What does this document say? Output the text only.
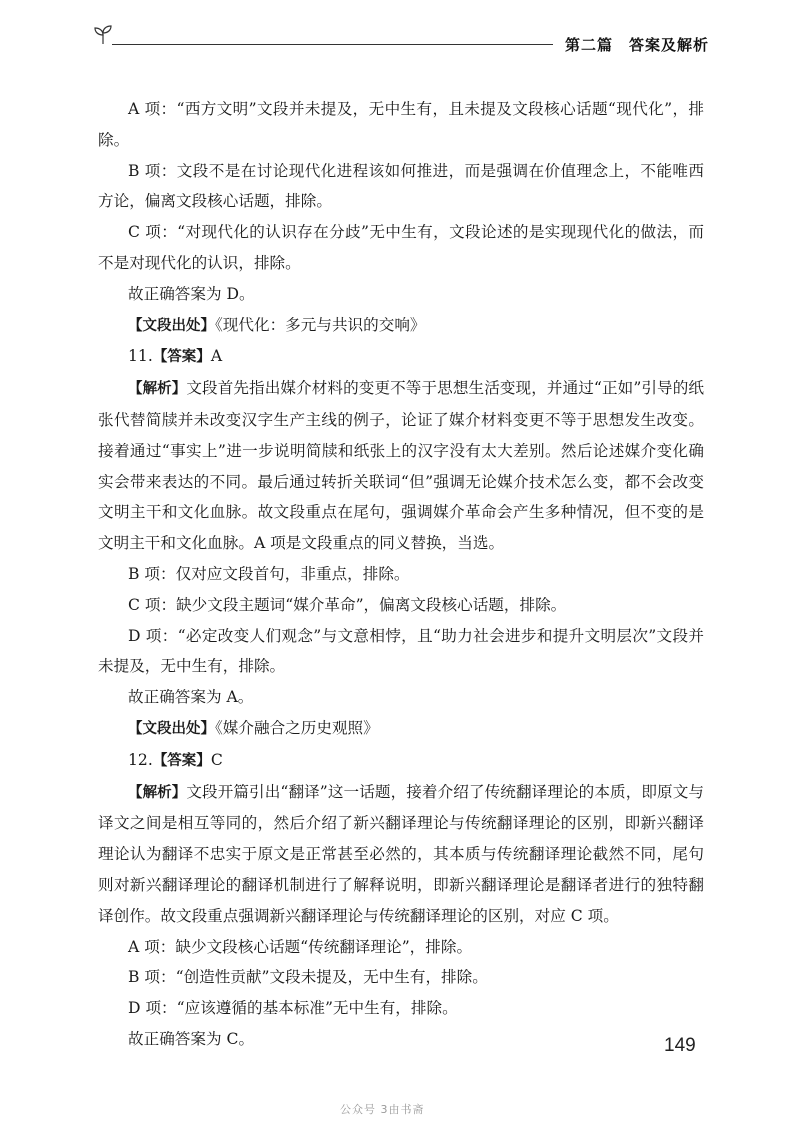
第二篇　答案及解析

A 项：“西方文明”文段并未提及，无中生有，且未提及文段核心话题“现代化”，排除。

B 项：文段不是在讨论现代化进程该如何推进，而是强调在价值理念上，不能唯西方论，偏离文段核心话题，排除。

C 项：“对现代化的认识存在分歧”无中生有，文段论述的是实现现代化的做法，而不是对现代化的认识，排除。

故正确答案为 D。

【文段出处】《现代化：多元与共识的交响》

11.【答案】A

【解析】文段首先指出媒介材料的变更不等于思想生活变现，并通过“正如”引导的纸张代替简牍并未改变汉字生产主线的例子，论证了媒介材料变更不等于思想发生改变。接着通过“事实上”进一步说明简牍和纸张上的汉字没有太大差别。然后论述媒介变化确实会带来表达的不同。最后通过转折关联词“但”强调无论媒介技术怎么变，都不会改变文明主干和文化血脉。故文段重点在尾句，强调媒介革命会产生多种情况，但不变的是文明主干和文化血脉。A 项是文段重点的同义替换，当选。

B 项：仅对应文段首句，非重点，排除。

C 项：缺少文段主题词“媒介革命”，偏离文段核心话题，排除。

D 项：“必定改变人们观念”与文意相悖，且“助力社会进步和提升文明层次”文段并未提及，无中生有，排除。

故正确答案为 A。

【文段出处】《媒介融合之历史观照》

12.【答案】C

【解析】文段开篇引出“翻译”这一话题，接着介绍了传统翻译理论的本质，即原文与译文之间是相互等同的，然后介绍了新兴翻译理论与传统翻译理论的区别，即新兴翻译理论认为翻译不忠实于原文是正常甚至必然的，其本质与传统翻译理论截然不同，尾句则对新兴翻译理论的翻译机制进行了解释说明，即新兴翻译理论是翻译者进行的独特翻译创作。故文段重点强调新兴翻译理论与传统翻译理论的区别，对应 C 项。

A 项：缺少文段核心话题“传统翻译理论”，排除。

B 项：“创造性贡献”文段未提及，无中生有，排除。

D 项：“应该遵循的基本标准”无中生有，排除。

故正确答案为 C。	149
公众号 3由书斋
